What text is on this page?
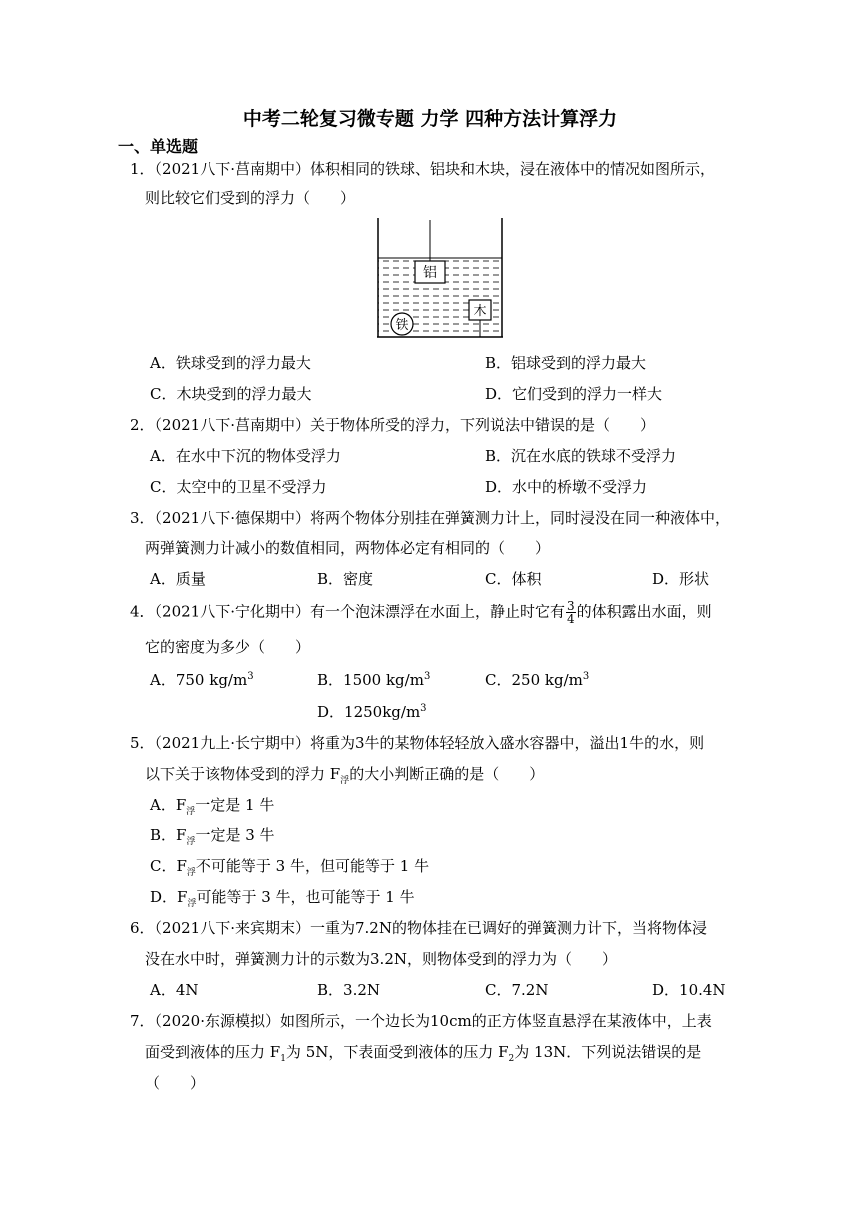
中考二轮复习微专题 力学 四种方法计算浮力
一、单选题
1．（2021八下·莒南期中）体积相同的铁球、铝块和木块，浸在液体中的情况如图所示，
则比较它们受到的浮力（　　）
铝
木
铁
A．铁球受到的浮力最大	B．铝球受到的浮力最大
C．木块受到的浮力最大	D．它们受到的浮力一样大
2．（2021八下·莒南期中）关于物体所受的浮力，下列说法中错误的是（　　）
A．在水中下沉的物体受浮力	B．沉在水底的铁球不受浮力
C．太空中的卫星不受浮力	D．水中的桥墩不受浮力
3．（2021八下·德保期中）将两个物体分别挂在弹簧测力计上，同时浸没在同一种液体中，
两弹簧测力计减小的数值相同，两物体必定有相同的（　　）
A．质量	B．密度	C．体积	D．形状
4．（2021八下·宁化期中）有一个泡沫漂浮在水面上，静止时它有 $\frac{3}{4}$ 的体积露出水面，则
它的密度为多少（　　）
A．750 $kg/m^3$	B．1500 $kg/m^3$	C．250 $kg/m^3$
D．$1250kg/m^3$
5．（2021九上·长宁期中）将重为3牛的某物体轻轻放入盛水容器中，溢出1牛的水，则
以下关于该物体受到的浮力 $F_浮$的大小判断正确的是（　　）
A．$F_浮$一定是 1 牛
B．$F_浮$一定是 3 牛
C．$F_浮$不可能等于 3 牛，但可能等于 1 牛
D．$F_浮$可能等于 3 牛，也可能等于 1 牛
6．（2021八下·来宾期末）一重为7.2N的物体挂在已调好的弹簧测力计下，当将物体浸
没在水中时，弹簧测力计的示数为3.2N，则物体受到的浮力为（　　）
A．4N	B．3.2N	C．7.2N	D．10.4N
7．（2020·东源模拟）如图所示，一个边长为10cm的正方体竖直悬浮在某液体中，上表
面受到液体的压力 $F_1$为 5N，下表面受到液体的压力 $F_2$为 13N．下列说法错误的是
（　　）
